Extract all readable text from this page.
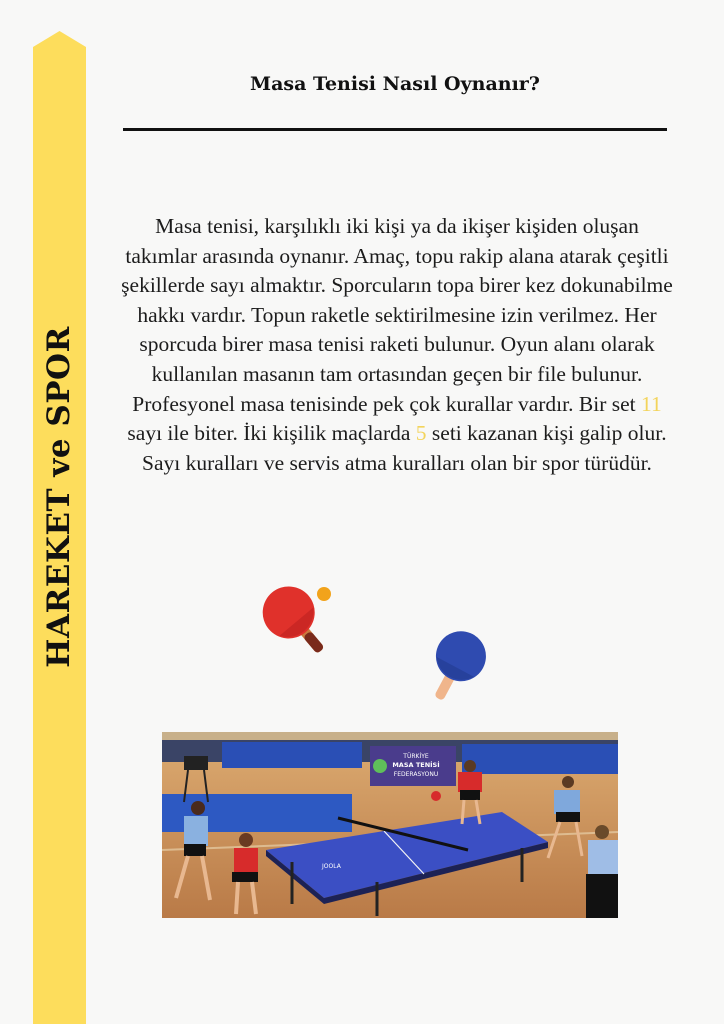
HAREKET ve SPOR
Masa Tenisi Nasıl Oynanır?
Masa tenisi, karşılıklı iki kişi ya da ikişer kişiden oluşan takımlar arasında oynanır. Amaç, topu rakip alana atarak çeşitli şekillerde sayı almaktır. Sporcuların topa birer kez dokunabilme hakkı vardır. Topun raketle sektirilmesine izin verilmez. Her sporcuda birer masa tenisi raketi bulunur. Oyun alanı olarak kullanılan masanın tam ortasından geçen bir file bulunur. Profesyonel masa tenisinde pek çok kurallar vardır. Bir set 11 sayı ile biter. İki kişilik maçlarda 5 seti kazanan kişi galip olur. Sayı kuralları ve servis atma kuralları olan bir spor türüdür.
TÜRKİYE
MASA TENİSİ
FEDERASYONU
JOOLA
